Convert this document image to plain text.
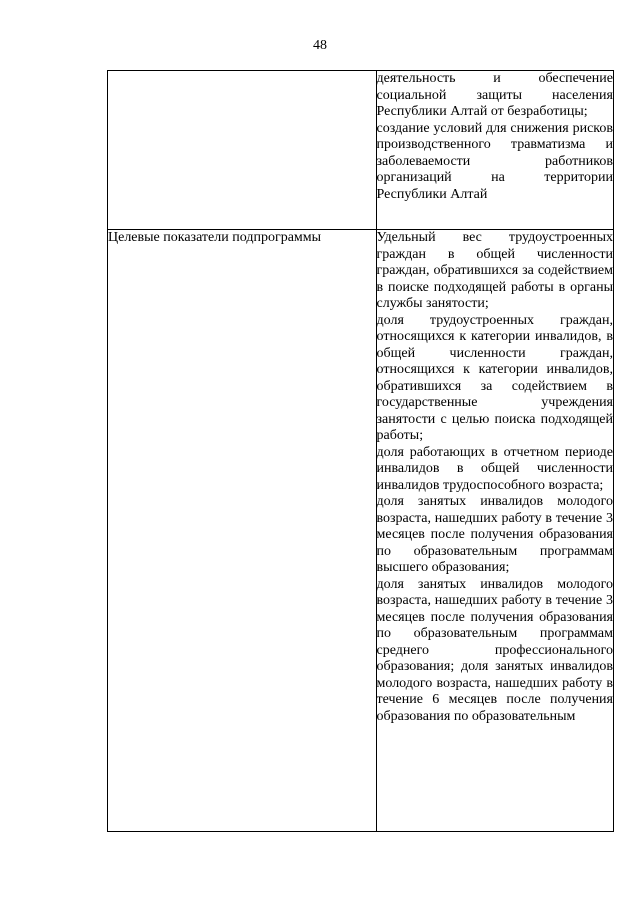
48

	деятельность и обеспечение социальной защиты населения Республики Алтай от безработицы;

создание условий для снижения рисков производственного травматизма и заболеваемости работников организаций на территории Республики Алтай

Целевые показатели подпрограммы	Удельный вес трудоустроенных граждан в общей численности граждан, обратившихся за содействием в поиске подходящей работы в органы службы занятости;

доля трудоустроенных граждан, относящихся к категории инвалидов, в общей численности граждан, относящихся к категории инвалидов, обратившихся за содействием в государственные учреждения занятости с целью поиска подходящей работы;

доля работающих в отчетном периоде инвалидов в общей численности инвалидов трудоспособного возраста;

доля занятых инвалидов молодого возраста, нашедших работу в течение 3 месяцев после получения образования по образовательным программам высшего образования;

доля занятых инвалидов молодого возраста, нашедших работу в течение 3 месяцев после получения образования по образовательным программам среднего профессионального образования; доля занятых инвалидов молодого возраста, нашедших работу в течение 6 месяцев после получения образования по образовательным
